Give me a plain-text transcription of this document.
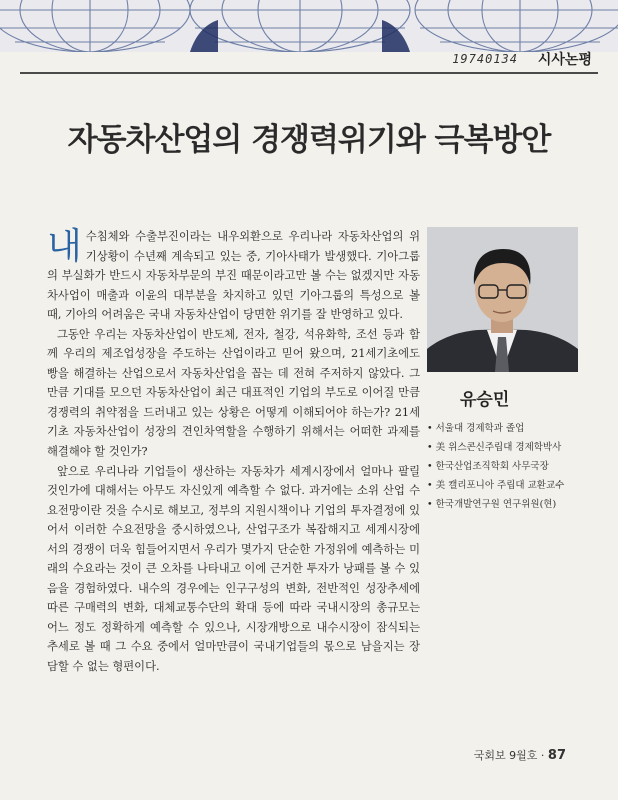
19740134 시사논평
자동차산업의 경쟁력위기와 극복방안

내수침체와 수출부진이라는 내우외환으로 우리나라 자동차산업의 위기상황이 수년째 계속되고 있는 중, 기아사태가 발생했다. 기아그룹의 부실화가 반드시 자동차부문의 부진 때문이라고만 볼 수는 없겠지만 자동차사업이 매출과 이윤의 대부분을 차지하고 있던 기아그룹의 특성으로 볼 때, 기아의 어려움은 국내 자동차산업이 당면한 위기를 잘 반영하고 있다.

그동안 우리는 자동차산업이 반도체, 전자, 철강, 석유화학, 조선 등과 함께 우리의 제조업성장을 주도하는 산업이라고 믿어 왔으며, 21세기초에도 빵을 해결하는 산업으로서 자동차산업을 꼽는 데 전혀 주저하지 않았다. 그만큼 기대를 모으던 자동차산업이 최근 대표적인 기업의 부도로 이어질 만큼 경쟁력의 취약점을 드러내고 있는 상황은 어떻게 이해되어야 하는가? 21세기초 자동차산업이 성장의 견인차역할을 수행하기 위해서는 어떠한 과제를 해결해야 할 것인가?

앞으로 우리나라 기업들이 생산하는 자동차가 세계시장에서 얼마나 팔릴 것인가에 대해서는 아무도 자신있게 예측할 수 없다. 과거에는 소위 산업 수요전망이란 것을 수시로 해보고, 정부의 지원시책이나 기업의 투자결정에 있어서 이러한 수요전망을 중시하였으나, 산업구조가 복잡해지고 세계시장에서의 경쟁이 더욱 힘들어지면서 우리가 몇가지 단순한 가정위에 예측하는 미래의 수요라는 것이 큰 오차를 나타내고 이에 근거한 투자가 낭패를 볼 수 있음을 경험하였다. 내수의 경우에는 인구구성의 변화, 전반적인 성장추세에 따른 구매력의 변화, 대체교통수단의 확대 등에 따라 국내시장의 총규모는 어느 정도 정확하게 예측할 수 있으나, 시장개방으로 내수시장이 잠식되는 추세로 볼 때 그 수요 중에서 얼마만큼이 국내기업들의 몫으로 남을지는 장담할 수 없는 형편이다.

유승민
• 서울대 경제학과 졸업
• 美 위스콘신주립대 경제학박사
• 한국산업조직학회 사무국장
• 美 캘리포니아 주립대 교환교수
• 한국개발연구원 연구위원(현)
국회보 9월호 · 87
